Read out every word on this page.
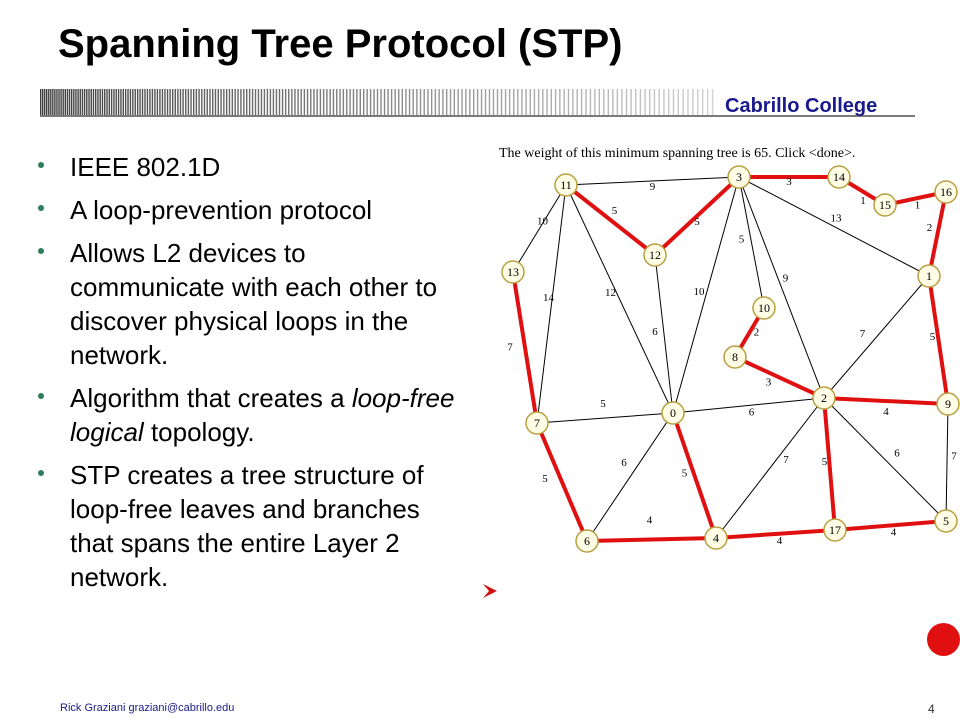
Spanning Tree Protocol (STP)
Cabrillo College
IEEE 802.1D
A loop-prevention protocol
Allows L2 devices to communicate with each other to discover physical loops in the network.
Algorithm that creates a loop-free logical topology.
STP creates a tree structure of loop-free leaves and branches that spans the entire Layer 2 network.
9
5
10
14	12
5
6
3
13
5
9
10
1	1
2
7	5
2
3
4
6
7	5
6	7
7
5
5
6
5
4
4
4
0
1
2
3
4
5
6
7
8
9
10
11
12
13
14
15
16
17
The weight of this minimum spanning tree is 65. Click <done>.
Rick Graziani graziani@cabrillo.edu	4
